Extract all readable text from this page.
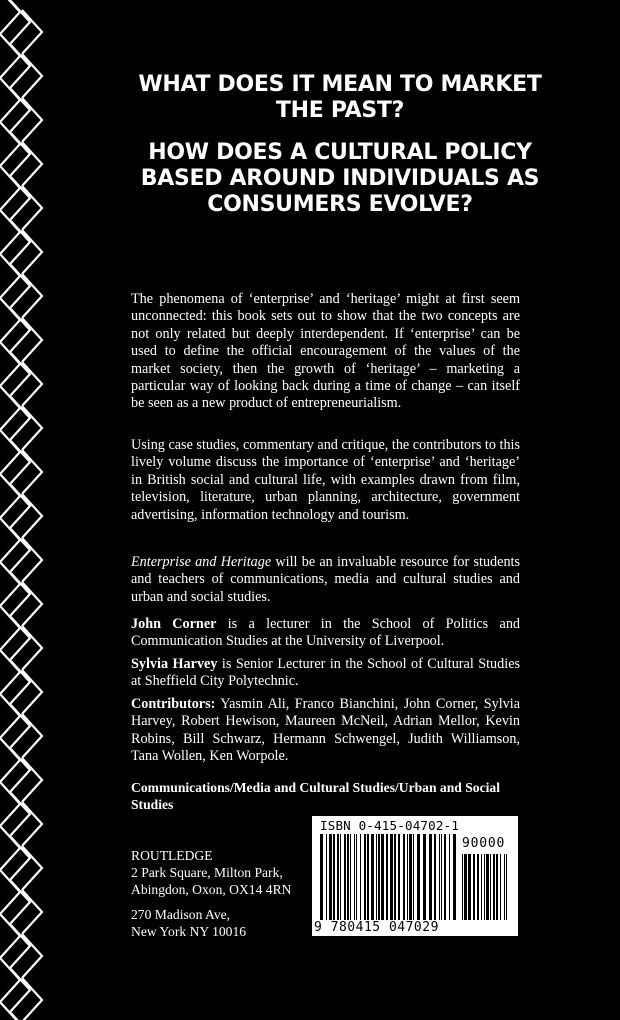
WHAT DOES IT MEAN TO MARKET THE PAST?
HOW DOES A CULTURAL POLICY BASED AROUND INDIVIDUALS AS CONSUMERS EVOLVE?

The phenomena of ‘enterprise’ and ‘heritage’ might at first seem unconnected: this book sets out to show that the two concepts are not only related but deeply interdependent. If ‘enterprise’ can be used to define the official encouragement of the values of the market society, then the growth of ‘heritage’ – marketing a particular way of looking back during a time of change – can itself be seen as a new product of entrepreneurialism.

Using case studies, commentary and critique, the contributors to this lively volume discuss the importance of ‘enterprise’ and ‘heritage’ in British social and cultural life, with examples drawn from film, television, literature, urban planning, architecture, government advertising, information technology and tourism.

Enterprise and Heritage will be an invaluable resource for students and teachers of communications, media and cultural studies and urban and social studies.

John Corner is a lecturer in the School of Politics and Communication Studies at the University of Liverpool.

Sylvia Harvey is Senior Lecturer in the School of Cultural Studies at Sheffield City Polytechnic.

Contributors: Yasmin Ali, Franco Bianchini, John Corner, Sylvia Harvey, Robert Hewison, Maureen McNeil, Adrian Mellor, Kevin Robins, Bill Schwarz, Hermann Schwengel, Judith Williamson, Tana Wollen, Ken Worpole.

Communications/Media and Cultural Studies/Urban and Social Studies

ROUTLEDGE
2 Park Square, Milton Park,
Abingdon, Oxon, OX14 4RN
270 Madison Ave,
New York NY 10016
ISBN 0-415-04702-1
90000
9 780415 047029
